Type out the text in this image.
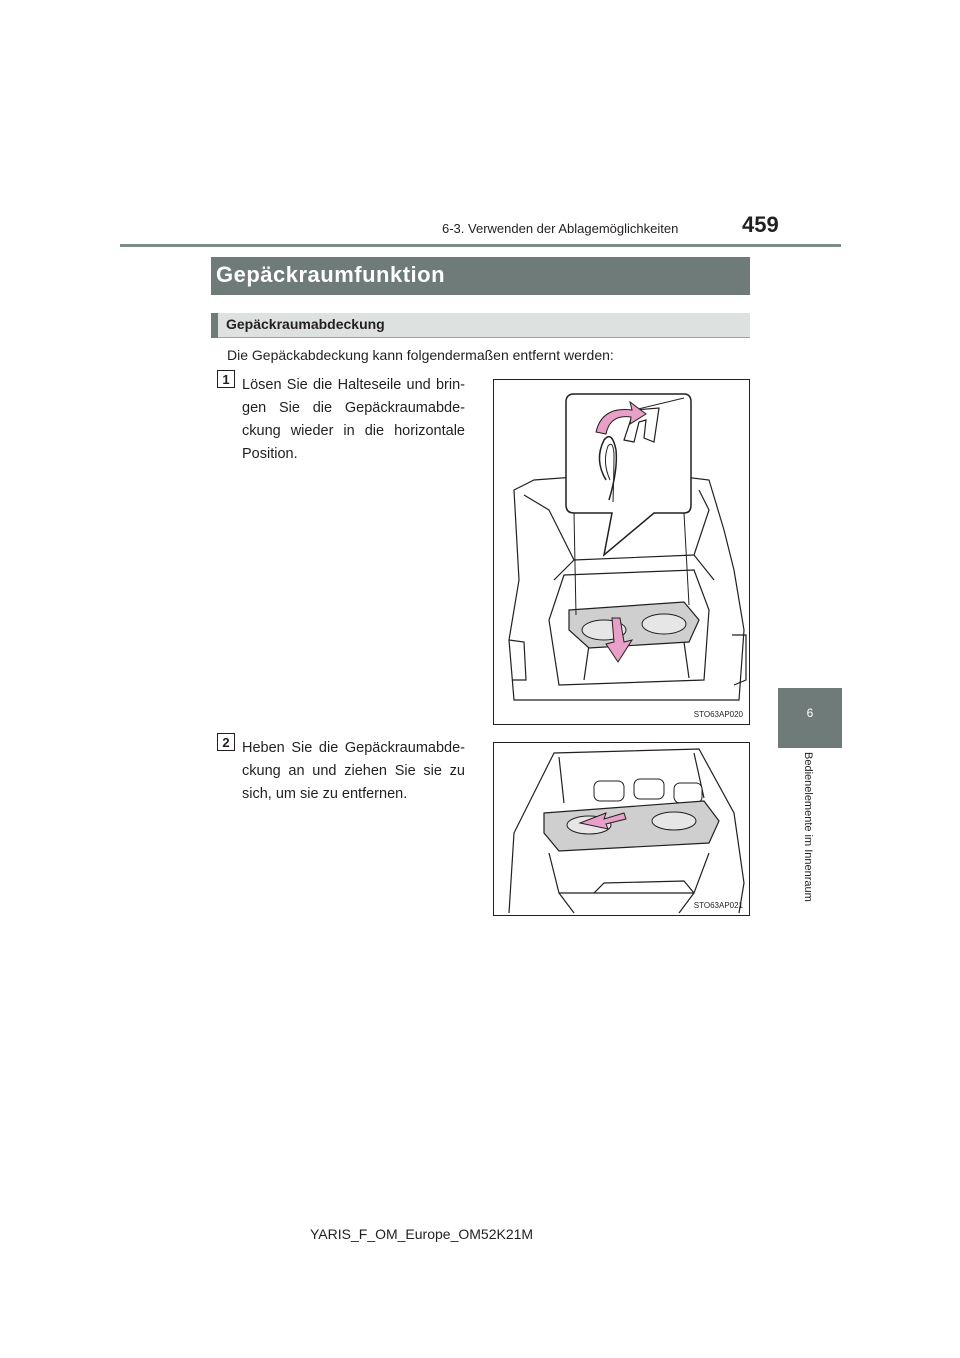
6-3. Verwenden der Ablagemöglichkeiten	459
Gepäckraumfunktion
Gepäckraumabdeckung
Die Gepäckabdeckung kann folgendermaßen entfernt werden:
1 Lösen Sie die Halteseile und bringen Sie die Gepäckraumabdeckung wieder in die horizontale Position.
2 Heben Sie die Gepäckraumabdeckung an und ziehen Sie sie zu sich, um sie zu entfernen.
STO63AP020
STO63AP021
6
Bedienelemente im Innenraum
YARIS_F_OM_Europe_OM52K21M
